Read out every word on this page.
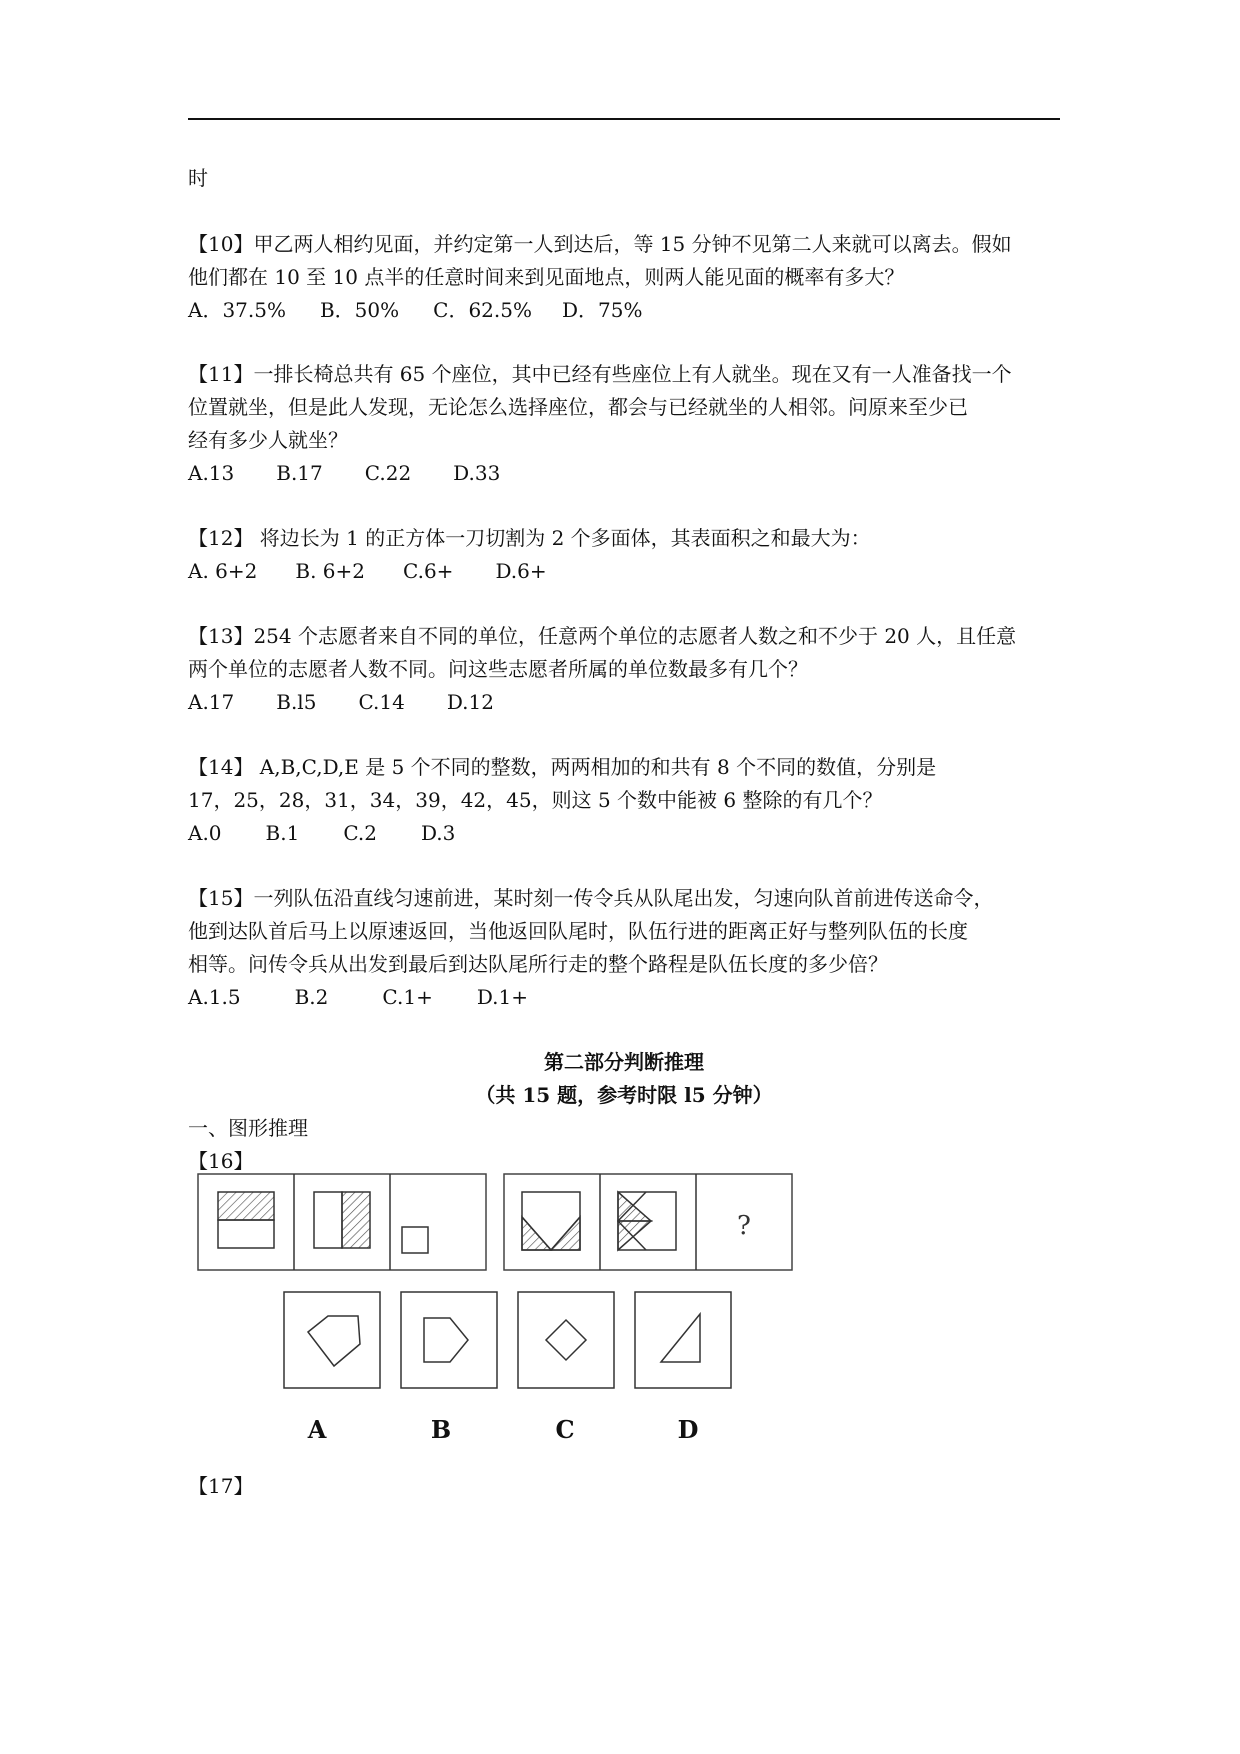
时
【10】甲乙两人相约见面，并约定第一人到达后，等 15 分钟不见第二人来就可以离去。假如
他们都在 10 至 10 点半的任意时间来到见面地点，则两人能见面的概率有多大？
A．37.5% B．50% C．62.5% D．75%
【11】一排长椅总共有 65 个座位，其中已经有些座位上有人就坐。现在又有一人准备找一个
位置就坐，但是此人发现，无论怎么选择座位，都会与已经就坐的人相邻。问原来至少已
经有多少人就坐？
A.13 B.17 C.22 D.33
【12】 将边长为 1 的正方体一刀切割为 2 个多面体，其表面积之和最大为：
A. 6+2 B. 6+2 C.6+ D.6+
【13】254 个志愿者来自不同的单位，任意两个单位的志愿者人数之和不少于 20 人，且任意
两个单位的志愿者人数不同。问这些志愿者所属的单位数最多有几个？
A.17 B.l5 C.14 D.12
【14】 A,B,C,D,E 是 5 个不同的整数，两两相加的和共有 8 个不同的数值，分别是
17，25，28，31，34，39，42，45，则这 5 个数中能被 6 整除的有几个？
A.0 B.1 C.2 D.3
【15】一列队伍沿直线匀速前进，某时刻一传令兵从队尾出发，匀速向队首前进传送命令，
他到达队首后马上以原速返回，当他返回队尾时，队伍行进的距离正好与整列队伍的长度
相等。问传令兵从出发到最后到达队尾所行走的整个路程是队伍长度的多少倍？
A.1.5	B.2	C.1+ D.1+
第二部分判断推理
（共 15 题，参考时限 l5 分钟）
一、图形推理
【16】
?
A	B	C	D
【17】
